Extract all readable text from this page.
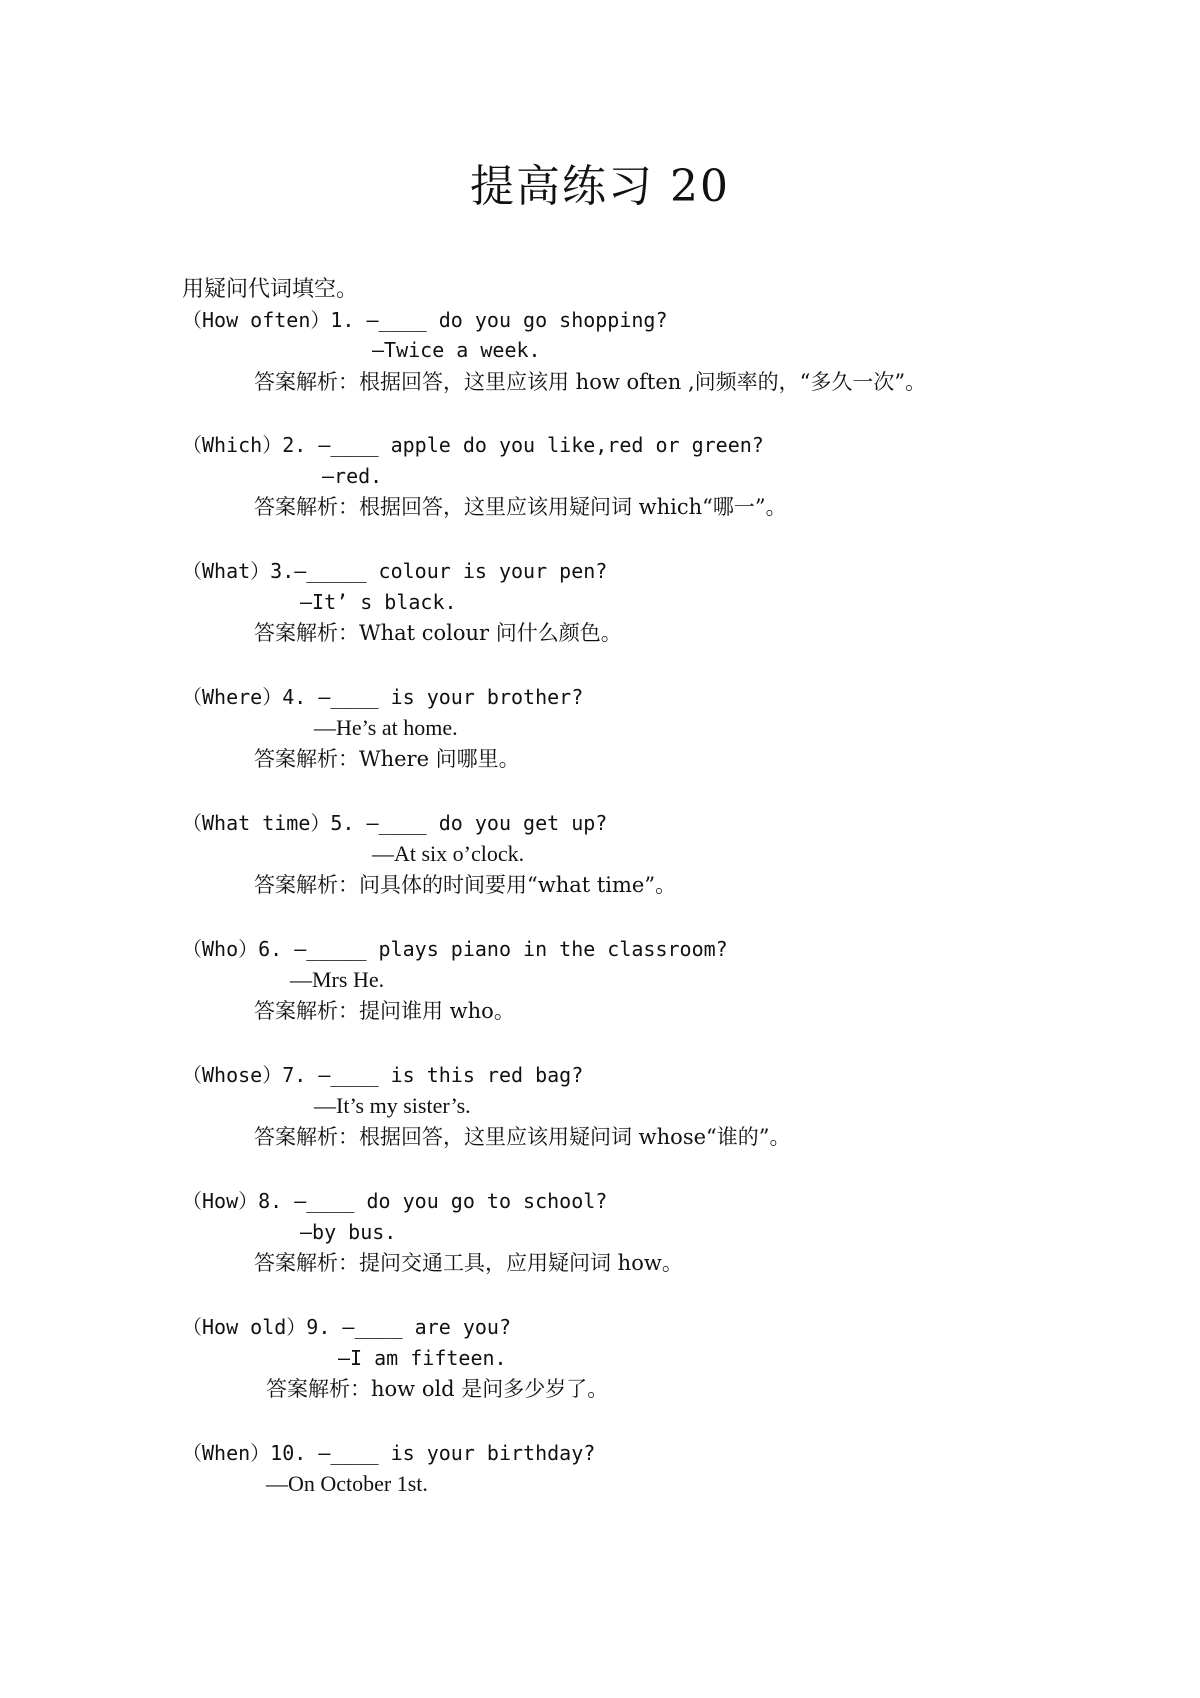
提高练习 20
用疑问代词填空。
（How often）1. —____ do you go shopping?
—Twice a week.
答案解析：根据回答，这里应该用 how often ,问频率的，“多久一次”。
（Which）2. —____ apple do you like,red or green?
—red.
答案解析：根据回答，这里应该用疑问词 which“哪一”。
（What）3.—_____ colour is your pen?
—It’ s black.
答案解析：What colour 问什么颜色。
（Where）4. —____ is your brother?
—He’s at home.
答案解析：Where 问哪里。
（What time）5. —____ do you get up?
—At six o’clock.
答案解析：问具体的时间要用“what time”。
（Who）6. —_____ plays piano in the classroom?
—Mrs He.
答案解析：提问谁用 who。
（Whose）7. —____ is this red bag?
—It’s my sister’s.
答案解析：根据回答，这里应该用疑问词 whose“谁的”。
（How）8. —____ do you go to school?
—by bus.
答案解析：提问交通工具，应用疑问词 how。
（How old）9. —____ are you?
—I am fifteen.
答案解析：how old 是问多少岁了。
（When）10. —____ is your birthday?
—On October 1st.
